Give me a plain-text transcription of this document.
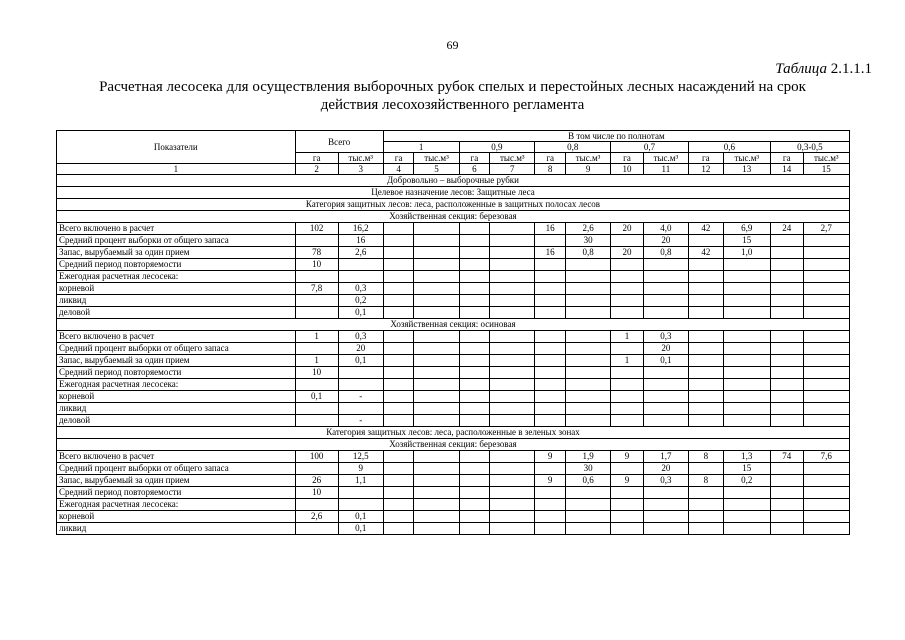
69
Таблица 2.1.1.1
Расчетная лесосека для осуществления выборочных рубок спелых и перестойных лесных насаждений на срок
действия лесохозяйственного регламента
Показатели	Всего		В том числе по полнотам											
			1		0,9		0,8		0,7		0,6		0,3-0,5	
	га	тыс.м³	га	тыс.м³	га	тыс.м³	га	тыс.м³	га	тыс.м³	га	тыс.м³	га	тыс.м³
1	2	3	4	5	6	7	8	9	10	11	12	13	14	15
Добровольно – выборочные рубки														
Целевое назначение лесов: Защитные леса														
Категория защитных лесов: леса, расположенные в защитных полосах лесов														
Хозяйственная секция: березовая														
Всего включено в расчет	102	16,2					16	2,6	20	4,0	42	6,9	24	2,7
Средний процент выборки от общего запаса		16						30		20		15		
Запас, вырубаемый за один прием	78	2,6					16	0,8	20	0,8	42	1,0		
Средний период повторяемости	10													
Ежегодная расчетная лесосека:														
корневой	7,8	0,3												
ликвид		0,2												
деловой		0,1												
Хозяйственная секция: осиновая														
Всего включено в расчет	1	0,3							1	0,3				
Средний процент выборки от общего запаса		20								20				
Запас, вырубаемый за один прием	1	0,1							1	0,1				
Средний период повторяемости	10													
Ежегодная расчетная лесосека:														
корневой	0,1	-												
ликвид														
деловой		-												
Категория защитных лесов: леса, расположенные в зеленых зонах														
Хозяйственная секция: березовая														
Всего включено в расчет	100	12,5					9	1,9	9	1,7	8	1,3	74	7,6
Средний процент выборки от общего запаса		9						30		20		15		
Запас, вырубаемый за один прием	26	1,1					9	0,6	9	0,3	8	0,2		
Средний период повторяемости	10													
Ежегодная расчетная лесосека:														
корневой	2,6	0,1												
ликвид		0,1												
